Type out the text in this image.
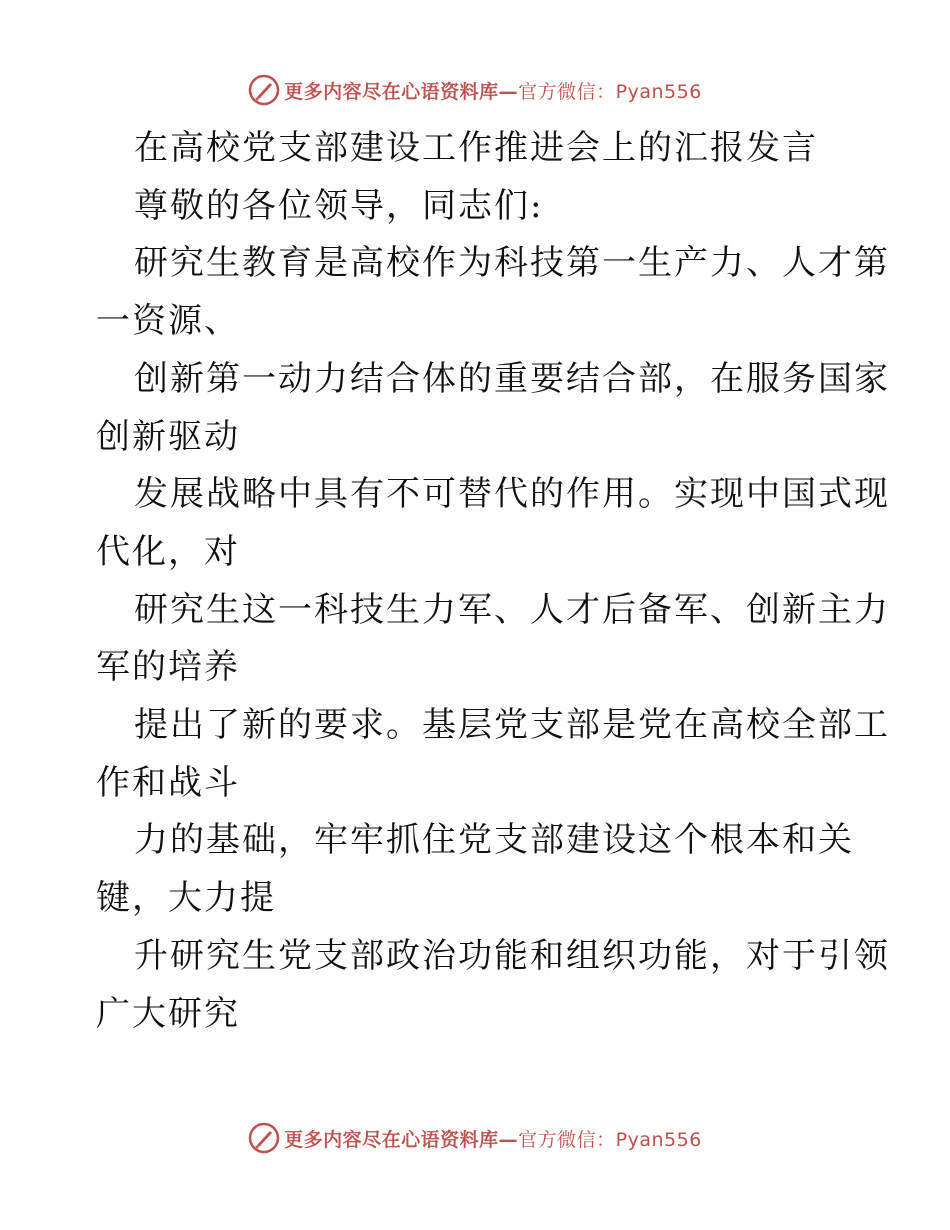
更多内容尽在心语资料库—官方微信：Pyan556
在高校党支部建设工作推进会上的汇报发言
尊敬的各位领导，同志们:
研究生教育是高校作为科技第一生产力、人才第
一资源、
创新第一动力结合体的重要结合部，在服务国家
创新驱动
发展战略中具有不可替代的作用。实现中国式现
代化，对
研究生这一科技生力军、人才后备军、创新主力
军的培养
提出了新的要求。基层党支部是党在高校全部工
作和战斗
力的基础，牢牢抓住党支部建设这个根本和关
键，大力提
升研究生党支部政治功能和组织功能，对于引领
广大研究
更多内容尽在心语资料库—官方微信：Pyan556
